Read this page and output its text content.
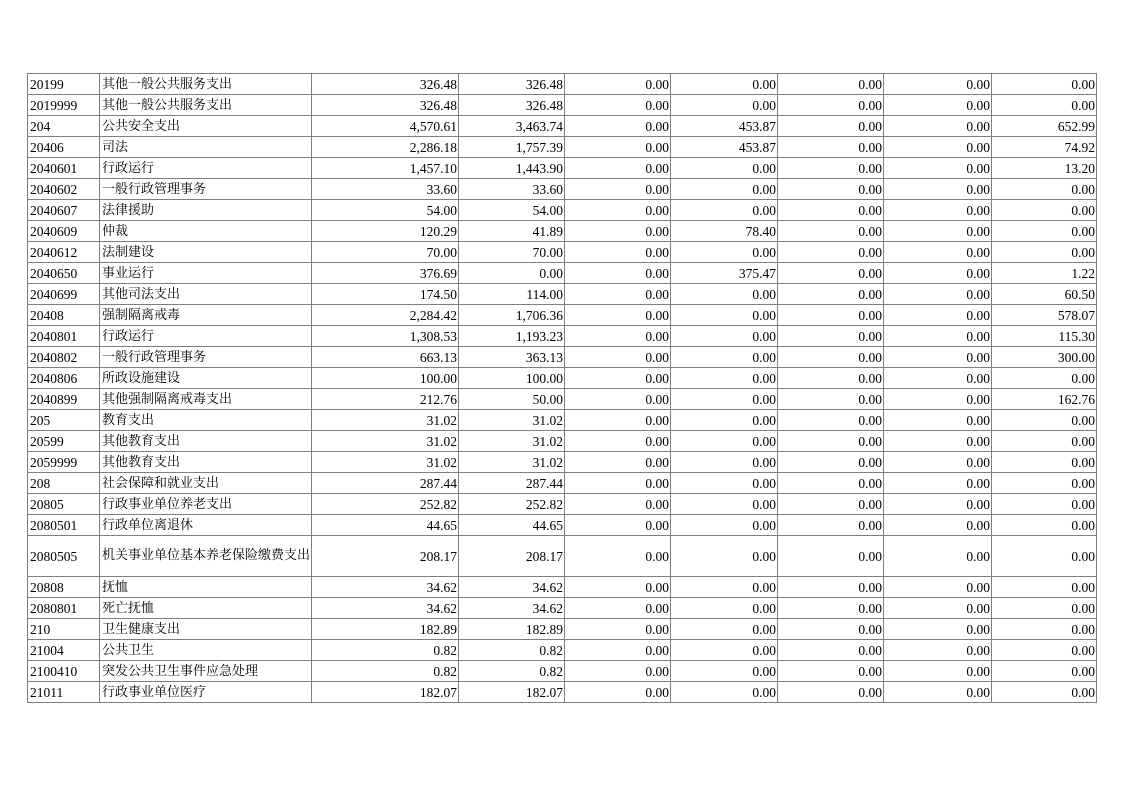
20199	其他一般公共服务支出	326.48	326.48	0.00	0.00	0.00	0.00	0.00
2019999	其他一般公共服务支出	326.48	326.48	0.00	0.00	0.00	0.00	0.00
204	公共安全支出	4,570.61	3,463.74	0.00	453.87	0.00	0.00	652.99
20406	司法	2,286.18	1,757.39	0.00	453.87	0.00	0.00	74.92
2040601	行政运行	1,457.10	1,443.90	0.00	0.00	0.00	0.00	13.20
2040602	一般行政管理事务	33.60	33.60	0.00	0.00	0.00	0.00	0.00
2040607	法律援助	54.00	54.00	0.00	0.00	0.00	0.00	0.00
2040609	仲裁	120.29	41.89	0.00	78.40	0.00	0.00	0.00
2040612	法制建设	70.00	70.00	0.00	0.00	0.00	0.00	0.00
2040650	事业运行	376.69	0.00	0.00	375.47	0.00	0.00	1.22
2040699	其他司法支出	174.50	114.00	0.00	0.00	0.00	0.00	60.50
20408	强制隔离戒毒	2,284.42	1,706.36	0.00	0.00	0.00	0.00	578.07
2040801	行政运行	1,308.53	1,193.23	0.00	0.00	0.00	0.00	115.30
2040802	一般行政管理事务	663.13	363.13	0.00	0.00	0.00	0.00	300.00
2040806	所政设施建设	100.00	100.00	0.00	0.00	0.00	0.00	0.00
2040899	其他强制隔离戒毒支出	212.76	50.00	0.00	0.00	0.00	0.00	162.76
205	教育支出	31.02	31.02	0.00	0.00	0.00	0.00	0.00
20599	其他教育支出	31.02	31.02	0.00	0.00	0.00	0.00	0.00
2059999	其他教育支出	31.02	31.02	0.00	0.00	0.00	0.00	0.00
208	社会保障和就业支出	287.44	287.44	0.00	0.00	0.00	0.00	0.00
20805	行政事业单位养老支出	252.82	252.82	0.00	0.00	0.00	0.00	0.00
2080501	行政单位离退休	44.65	44.65	0.00	0.00	0.00	0.00	0.00
2080505	机关事业单位基本养老保险缴费支出	208.17	208.17	0.00	0.00	0.00	0.00	0.00
20808	抚恤	34.62	34.62	0.00	0.00	0.00	0.00	0.00
2080801	死亡抚恤	34.62	34.62	0.00	0.00	0.00	0.00	0.00
210	卫生健康支出	182.89	182.89	0.00	0.00	0.00	0.00	0.00
21004	公共卫生	0.82	0.82	0.00	0.00	0.00	0.00	0.00
2100410	突发公共卫生事件应急处理	0.82	0.82	0.00	0.00	0.00	0.00	0.00
21011	行政事业单位医疗	182.07	182.07	0.00	0.00	0.00	0.00	0.00
